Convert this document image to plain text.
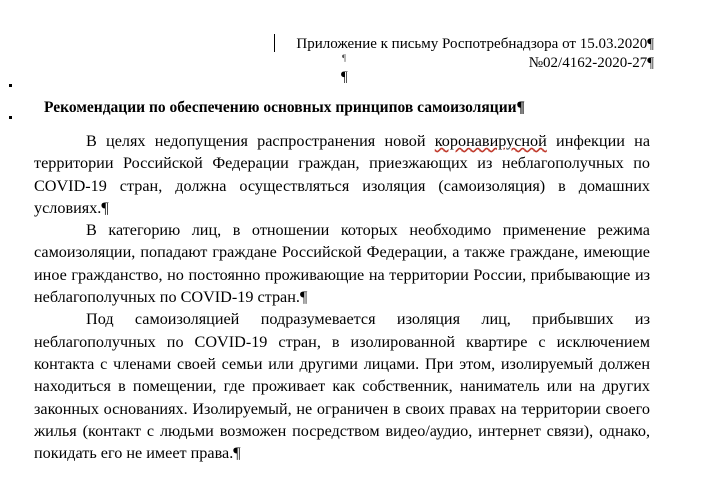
Приложение к письму Роспотребнадзора от 15.03.2020¶
№02/4162-2020-27¶
¶
¶
Рекомендации по обеспечению основных принципов самоизоляции¶

В целях недопущения распространения новой коронавирусной инфекции на территории Российской Федерации граждан, приезжающих из неблагополучных по COVID-19 стран, должна осуществляться изоляция (самоизоляция) в домашних условиях.¶

В категорию лиц, в отношении которых необходимо применение режима самоизоляции, попадают граждане Российской Федерации, а также граждане, имеющие иное гражданство, но постоянно проживающие на территории России, прибывающие из неблагополучных по COVID-19 стран.¶

Под самоизоляцией подразумевается изоляция лиц, прибывших из неблагополучных по COVID-19 стран, в изолированной квартире с исключением контакта с членами своей семьи или другими лицами. При этом, изолируемый должен находиться в помещении, где проживает как собственник, наниматель или на других законных основаниях. Изолируемый, не ограничен в своих правах на территории своего жилья (контакт с людьми возможен посредством видео/аудио, интернет связи), однако, покидать его не имеет права.¶
